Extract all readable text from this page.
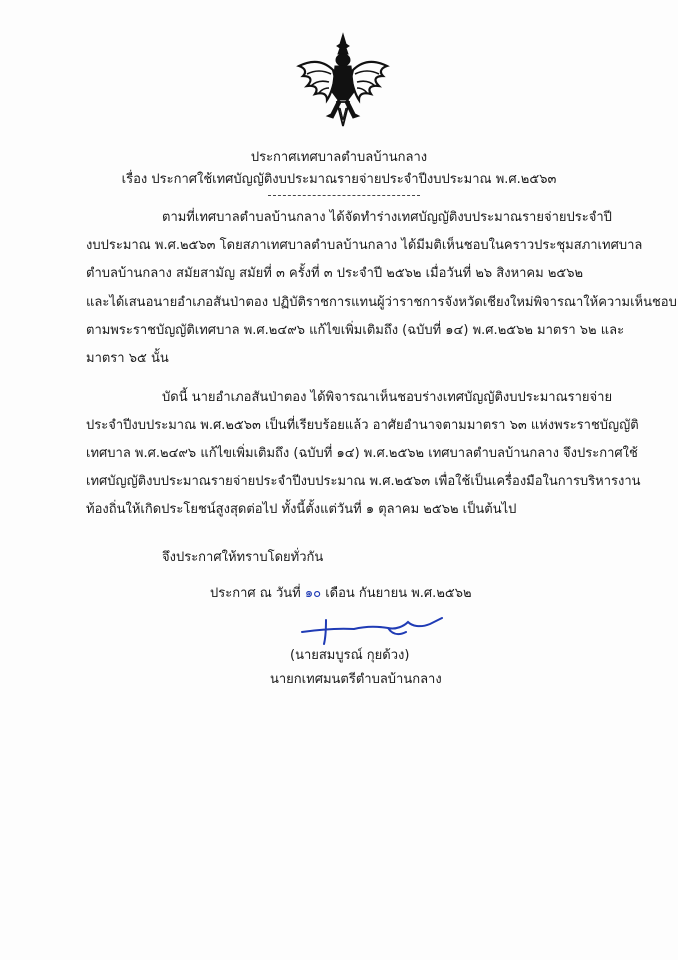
ประกาศเทศบาลตำบลบ้านกลาง
เรื่อง ประกาศใช้เทศบัญญัติงบประมาณรายจ่ายประจำปีงบประมาณ พ.ศ.๒๕๖๓
ตามที่เทศบาลตำบลบ้านกลาง ได้จัดทำร่างเทศบัญญัติงบประมาณรายจ่ายประจำปี
งบประมาณ พ.ศ.๒๕๖๓ โดยสภาเทศบาลตำบลบ้านกลาง ได้มีมติเห็นชอบในคราวประชุมสภาเทศบาล
ตำบลบ้านกลาง สมัยสามัญ สมัยที่ ๓ ครั้งที่ ๓ ประจำปี ๒๕๖๒ เมื่อวันที่ ๒๖ สิงหาคม ๒๕๖๒
และได้เสนอนายอำเภอสันป่าตอง ปฏิบัติราชการแทนผู้ว่าราชการจังหวัดเชียงใหม่พิจารณาให้ความเห็นชอบ
ตามพระราชบัญญัติเทศบาล พ.ศ.๒๔๙๖ แก้ไขเพิ่มเติมถึง (ฉบับที่ ๑๔) พ.ศ.๒๕๖๒ มาตรา ๖๒ และ
มาตรา ๖๕ นั้น
บัดนี้ นายอำเภอสันป่าตอง ได้พิจารณาเห็นชอบร่างเทศบัญญัติงบประมาณรายจ่าย
ประจำปีงบประมาณ พ.ศ.๒๕๖๓ เป็นที่เรียบร้อยแล้ว อาศัยอำนาจตามมาตรา ๖๓ แห่งพระราชบัญญัติ
เทศบาล พ.ศ.๒๔๙๖ แก้ไขเพิ่มเติมถึง (ฉบับที่ ๑๔) พ.ศ.๒๕๖๒ เทศบาลตำบลบ้านกลาง จึงประกาศใช้
เทศบัญญัติงบประมาณรายจ่ายประจำปีงบประมาณ พ.ศ.๒๕๖๓ เพื่อใช้เป็นเครื่องมือในการบริหารงาน
ท้องถิ่นให้เกิดประโยชน์สูงสุดต่อไป ทั้งนี้ตั้งแต่วันที่ ๑ ตุลาคม ๒๕๖๒ เป็นต้นไป
จึงประกาศให้ทราบโดยทั่วกัน
ประกาศ ณ วันที่ ๑๐ เดือน กันยายน พ.ศ.๒๕๖๒
(นายสมบูรณ์ กุยด้วง)
นายกเทศมนตรีตำบลบ้านกลาง
